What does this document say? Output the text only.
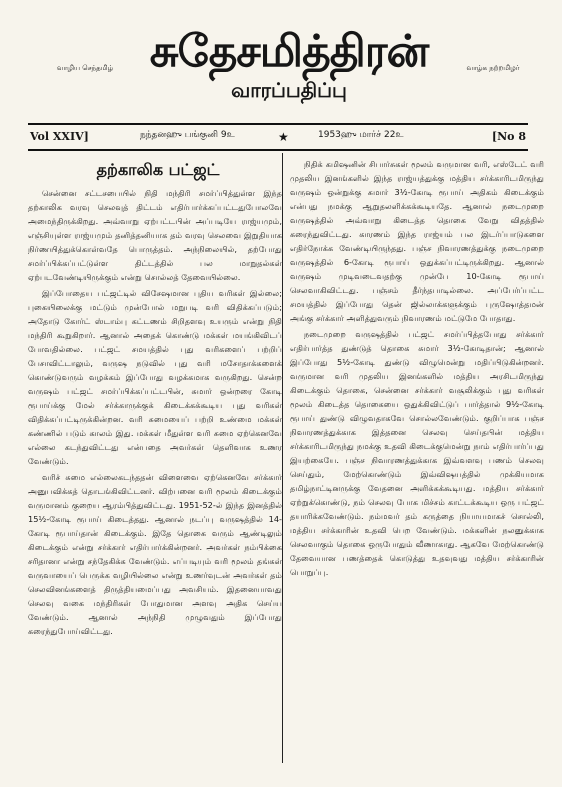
வாழிய செந்தமிழ் சுதேசமித்திரன்
வாரப்பதிப்பு
வாழ்க நற்றமிழர்
Vol XXIV]	நந்தனஹு பங்குனி 9உ	★	1953ஹு மார்ச் 22உ	[No 8
தற்காலிக பட்ஜட்

சென்னை சட்டசபையில் நிதி மந்திரி சமர்ப்பித்துள்ள இந்த தற்காலிக வரவு செலவுத் திட்டம் எதிர்பார்க்கப்பட்டதுபோலவே அமைந்திருக்கிறது. அவ்வாறு ஏற்பட்டபின் அப்படியே ராஜ்யமும், எஞ்சியுள்ள ராஜ்யமும் தனித்தனியாக தம் வரவு செலவை இறுதியாக நிர்ணயித்துக்கொள்வதே பொருத்தம். அந்நிலையில், தற்போது சமர்ப்பிக்கப்பட்டுள்ள திட்டத்தில் பல மாறுதல்கள் ஏற்படவேண்டியிருக்கும் என்று சொல்லத் தேவையில்லை.

இப்போதைய பட்ஜட்டில் விசேஷமான புதிய வரிகள் இல்லை; புகையிலைக்கு மட்டும் முன்போல் மறுபடி வரி விதிக்கப்படும்; அதோடு கோர்ட் ஸ்டாம்பு கட்டணம் சிறிதளவு உயரும் என்று நிதி மந்திரி கூறுகிறார். ஆனால் அதைக் கொண்டு மக்கள் மயங்கிவிடப் போவதில்லை. பட்ஜட் சமயத்தில் புது வரிகளைப் பற்றிப் பேசாவிட்டாலும், வருஷ நடுவில் புது வரி மசோதாக்களைக் கொண்டுவரும் வழக்கம் இப்போது வழக்கமாக வருகிறது. சென்ற வருஷம் பட்ஜட் சமர்ப்பிக்கப்பட்டபின், சுமார் ஒன்றரை கோடி ரூபாய்க்கு மேல் சர்க்காருக்குக் கிடைக்கக்கூடிய புது வரிகள் விதிக்கப்பட்டிருக்கின்றன. வரி சுமையைப் பற்றி உண்மை மக்கள் கண்ணில் படும் காலம் இது. மக்கள் மீதுள்ள வரி சுமை ஏற்கெனவே எல்லை கடந்துவிட்டது என்பதை அவர்கள் தெளிவாக உணர வேண்டும்.

வரிச் சுமை எல்லைகடந்ததன் விளைவை ஏற்கெனவே சர்க்கார் அனுபவிக்கத் தொடங்கிவிட்டனர். விற்பனை வரி மூலம் கிடைக்கும் வருமானம் குறைய ஆரம்பித்துவிட்டது. 1951-52-ல் இந்த இனத்தில் 15½-கோடி ரூபாய் கிடைத்தது. ஆனால் நடப்பு வருஷத்தில் 14-கோடி ரூபாய்தான் கிடைக்கும். இதே தொகை வரும் ஆண்டிலும் கிடைக்கும் என்று சர்க்கார் எதிர்பார்க்கின்றனர். அவர்கள் நம்பிக்கை சரிதானா என்று சந்தேகிக்க வேண்டும். எப்படியும் வரி மூலம் தங்கள் வருவாயைப் பெருக்க வழியில்லை என்று உணர்வுடன் அவர்கள் தம் செலவினங்களைத் திருத்தியமைப்பது அவசியம். இதனையாவது செலவு வகை மந்திரிகள் போதுமான அளவு அதிக செய்ய வேண்டும். ஆனால் அந்நிதி முழுவதும் இப்போது கரைந்துபோய்விட்டது.

நிதிக் கமிஷனின் சிபார்சுகள் மூலம் வருமான வரி, எஸ்டேட் வரி முதலிய இனங்களில் இந்த ராஜ்யத்துக்கு மத்திய சர்க்காரிடமிருந்து வருஷம் ஒன்றுக்கு சுமார் 3½-கோடி ரூபாய் அதிகம் கிடைக்கும் என்பது நமக்கு ஆறுதலளிக்கக்கூடியதே. ஆனால் நடைமுறை வருஷத்தில் அவ்வாறு கிடைத்த தொகை வேறு விதத்தில் கரைந்துவிட்டது. காரணம் இந்த ராஜ்யம் பல இடர்ப்பாடுகளை எதிர்நோக்க வேண்டியிருந்தது. பஞ்ச நிவாரணத்துக்கு நடைமுறை வருஷத்தில் 6-கோடி ரூபாய் ஒதுக்கப்பட்டிருக்கிறது. ஆனால் வருஷம் முடிவடைவதற்கு முன்பே 10-கோடி ரூபாய் செலவாகிவிட்டது. பஞ்சம் தீர்ந்தபாடில்லை. அப்பேர்ப்பட்ட சமயத்தில் இப்போது தென் ஜில்லாக்களுக்கும் புருஷோத்தமன் அங்கு சர்க்கார் அளித்துவரும் நிவாரணம் மட்டுமே போதாது.

நடைமுறை வருஷத்தில் பட்ஜட் சமர்ப்பித்தபோது சர்க்கார் எதிர்பார்த்த துண்டுத் தொகை சுமார் 3½-கோடிதான்; ஆனால் இப்போது 5½-கோடி துண்டு விழுமென்று மதிப்பிடுகின்றனர். வருமான வரி முதலிய இனங்களில் மத்திய அரசிடமிருந்து கிடைக்கும் தொகை, சென்னை சர்க்கார் வசூலிக்கும் புது வரிகள் மூலம் கிடைத்த தொகையை ஒதுக்கிவிட்டுப் பார்த்தால் 9½-கோடி ரூபாய் துண்டு விழுவதாகவே சொல்லவேண்டும். குறிப்பாக பஞ்ச நிவாரணத்துக்காக இத்தனை செலவு செய்தபின் மத்திய சர்க்காரிடமிருந்து நமக்கு உதவி கிடைக்குமென்று நாம் எதிர்பார்ப்பது இயற்கையே. பஞ்ச நிவாரணத்துக்காக இவ்வளவு பணம் செலவு செய்தும், மேற்கொண்டும் இவ்விஷயத்தில் முக்கியமாக தமிழ்நாட்டினருக்கு வேதனை அளிக்கக்கூடியது. மத்திய சர்க்கார் ஏற்றுக்கொண்டு, நம் செலவு போக மிச்சம் காட்டக்கூடிய ஒரு பட்ஜட் தயாரிக்கவேண்டும். நம்மவர் தம் கருத்தை நியாயமாகச் சொல்லி, மத்திய சர்க்காரின் உதவி பெற வேண்டும். மக்களின் நலனுக்காக செலவாகும் தொகை ஒருபோதும் வீணாகாது. ஆகவே மேற்கொண்டு தேவையான பணத்தைக் கொடுத்து உதவுவது மத்திய சர்க்காரின் பொறுப்பு.
